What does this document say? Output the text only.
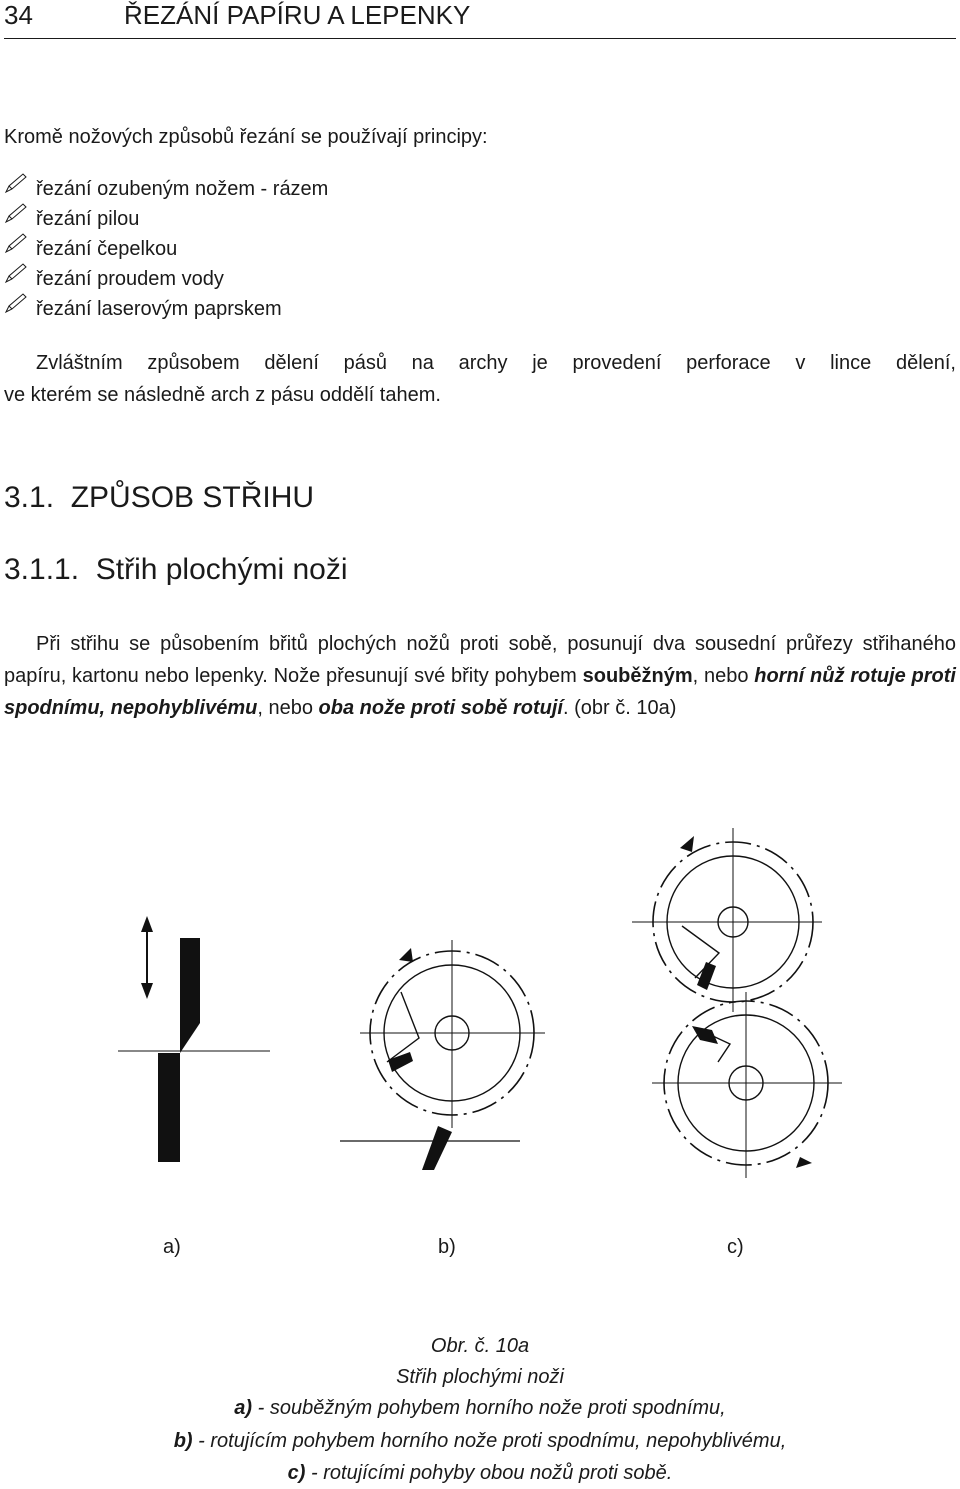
34	ŘEZÁNÍ PAPÍRU A LEPENKY
Kromě nožových způsobů řezání se používají principy:
řezání ozubeným nožem - rázem
řezání pilou
řezání čepelkou
řezání proudem vody
řezání laserovým paprskem
Zvláštním způsobem dělení pásů na archy je provedení perforace v lince dělení,
ve kterém se následně arch z pásu oddělí tahem.
3.1.  ZPŮSOB STŘIHU
3.1.1.  Střih plochými noži
Při střihu se působením břitů plochých nožů proti sobě, posunují dva sousední průřezy střihaného papíru, kartonu nebo lepenky. Nože přesunují své břity pohybem souběžným, nebo horní nůž rotuje proti spodnímu, nepohyblivému, nebo oba nože proti sobě rotují. (obr č. 10a)
a)	b)	c)
Obr. č. 10a
Střih plochými noži
a) - souběžným pohybem horního nože proti spodnímu,
b) - rotujícím pohybem horního nože proti spodnímu, nepohyblivému,
c) - rotujícími pohyby obou nožů proti sobě.
